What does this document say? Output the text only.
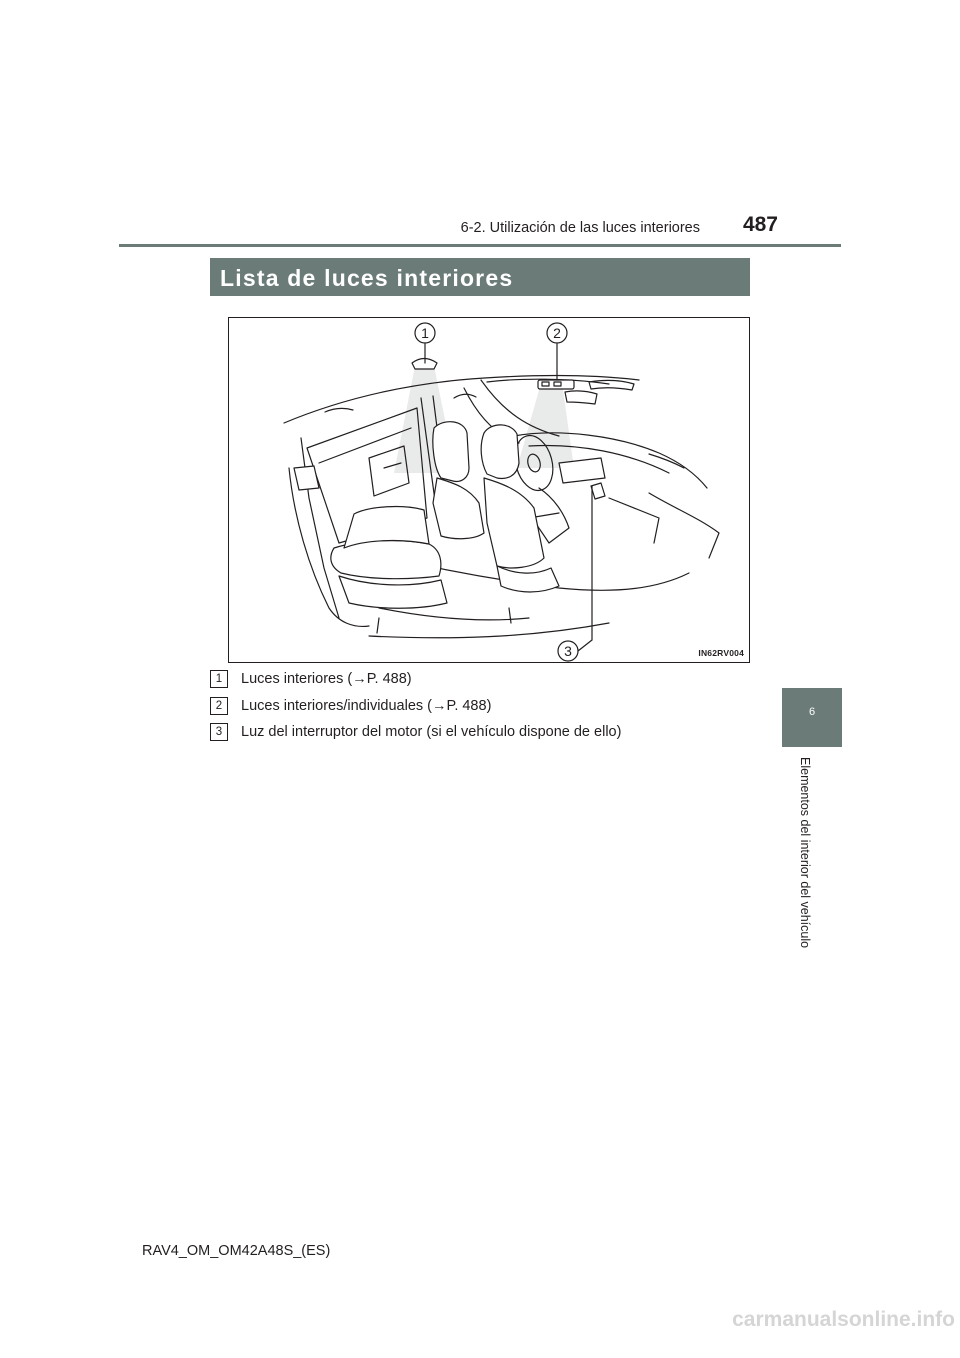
6-2. Utilización de las luces interiores	487
Lista de luces interiores
1	2
3	IN62RV004
1	Luces interiores (→P. 488)
2	Luces interiores/individuales (→P. 488)
3	Luz del interruptor del motor (si el vehículo dispone de ello)
6
Elementos del interior del vehículo
RAV4_OM_OM42A48S_(ES)
carmanualsonline.info
